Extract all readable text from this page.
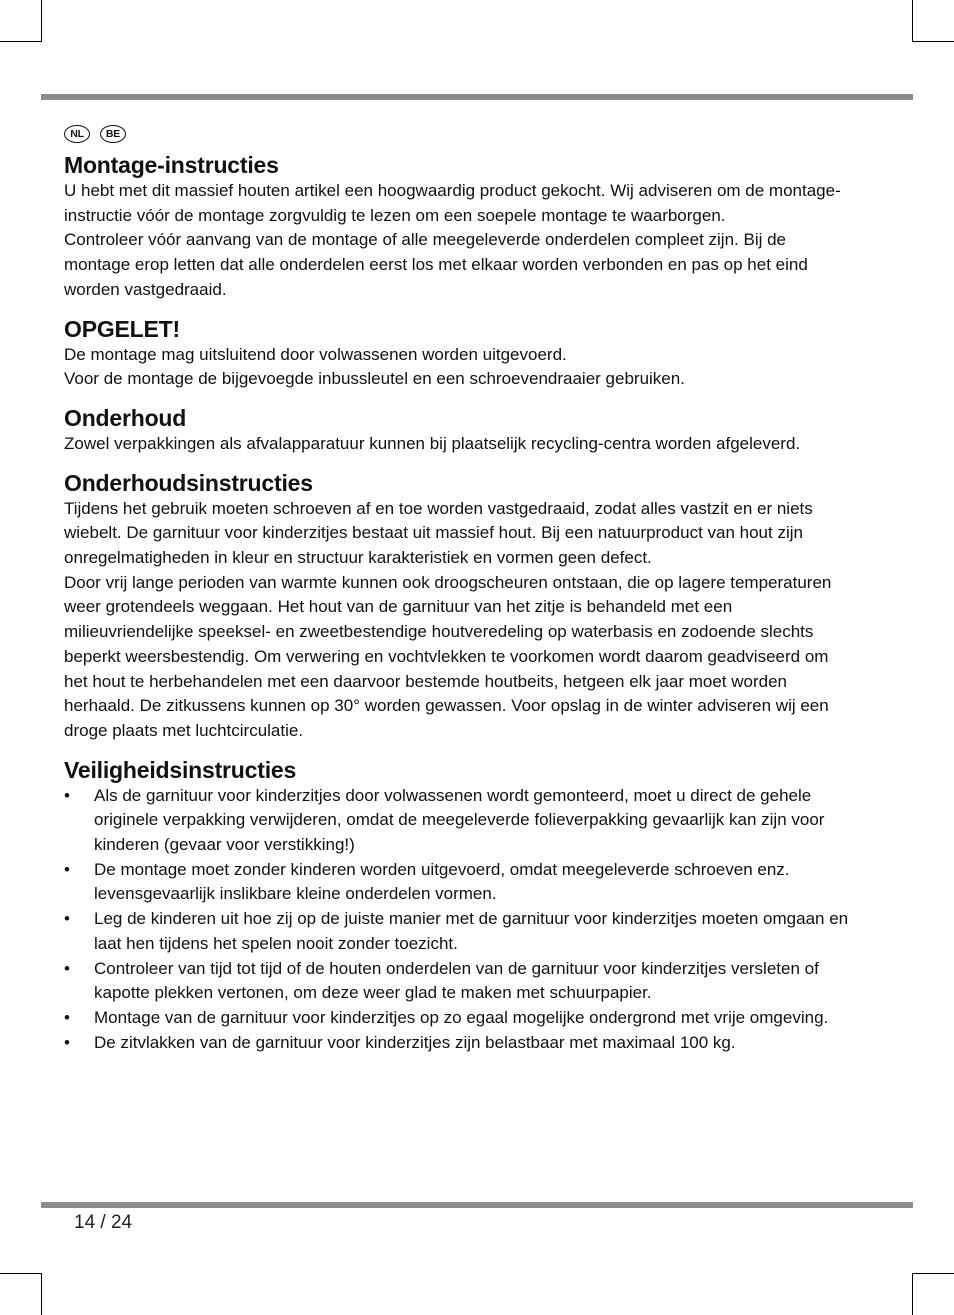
NL	BE
Montage-instructies

U hebt met dit massief houten artikel een hoogwaardig product gekocht. Wij adviseren om de montage-instructie vóór de montage zorgvuldig te lezen om een soepele montage te waarborgen.

Controleer vóór aanvang van de montage of alle meegeleverde onderdelen compleet zijn. Bij de montage erop letten dat alle onderdelen eerst los met elkaar worden verbonden en pas op het eind worden vastgedraaid.

OPGELET!

De montage mag uitsluitend door volwassenen worden uitgevoerd.

Voor de montage de bijgevoegde inbussleutel en een schroevendraaier gebruiken.

Onderhoud

Zowel verpakkingen als afvalapparatuur kunnen bij plaatselijk recycling-centra worden afgeleverd.

Onderhoudsinstructies

Tijdens het gebruik moeten schroeven af en toe worden vastgedraaid, zodat alles vastzit en er niets wiebelt. De garnituur voor kinderzitjes bestaat uit massief hout. Bij een natuurproduct van hout zijn onregelmatigheden in kleur en structuur karakteristiek en vormen geen defect.

Door vrij lange perioden van warmte kunnen ook droogscheuren ontstaan, die op lagere temperaturen weer grotendeels weggaan. Het hout van de garnituur van het zitje is behandeld met een milieuvriendelijke speeksel- en zweetbestendige houtveredeling op waterbasis en zodoende slechts beperkt weersbestendig. Om verwering en vochtvlekken te voorkomen wordt daarom geadviseerd om het hout te herbehandelen met een daarvoor bestemde houtbeits, hetgeen elk jaar moet worden herhaald. De zitkussens kunnen op 30° worden gewassen. Voor opslag in de winter adviseren wij een droge plaats met luchtcirculatie.

Veiligheidsinstructies
• Als de garnituur voor kinderzitjes door volwassenen wordt gemonteerd, moet u direct de gehele originele verpakking verwijderen, omdat de meegeleverde folieverpakking gevaarlijk kan zijn voor kinderen (gevaar voor verstikking!)
• De montage moet zonder kinderen worden uitgevoerd, omdat meegeleverde schroeven enz. levensgevaarlijk inslikbare kleine onderdelen vormen.
• Leg de kinderen uit hoe zij op de juiste manier met de garnituur voor kinderzitjes moeten omgaan en laat hen tijdens het spelen nooit zonder toezicht.
• Controleer van tijd tot tijd of de houten onderdelen van de garnituur voor kinderzitjes versleten of kapotte plekken vertonen, om deze weer glad te maken met schuurpapier.
• Montage van de garnituur voor kinderzitjes op zo egaal mogelijke ondergrond met vrije omgeving.
• De zitvlakken van de garnituur voor kinderzitjes zijn belastbaar met maximaal 100 kg.
14 / 24
